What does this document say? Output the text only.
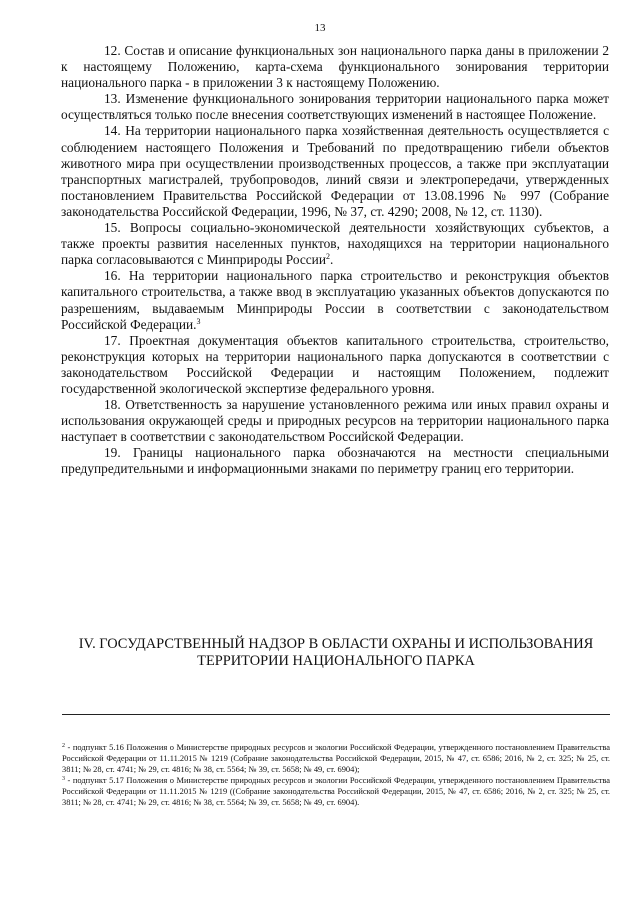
13

12. Состав и описание функциональных зон национального парка даны в приложении 2 к настоящему Положению, карта-схема функционального зонирования территории национального парка - в приложении 3 к настоящему Положению.

13. Изменение функционального зонирования территории национального парка может осуществляться только после внесения соответствующих изменений в настоящее Положение.

14. На территории национального парка хозяйственная деятельность осуществляется с соблюдением настоящего Положения и Требований по предотвращению гибели объектов животного мира при осуществлении производственных процессов, а также при эксплуатации транспортных магистралей, трубопроводов, линий связи и электропередачи, утвержденных постановлением Правительства Российской Федерации от 13.08.1996 № 997 (Собрание законодательства Российской Федерации, 1996, № 37, ст. 4290; 2008, № 12, ст. 1130).

15. Вопросы социально-экономической деятельности хозяйствующих субъектов, а также проекты развития населенных пунктов, находящихся на территории национального парка согласовываются с Минприроды России$^2$.

16. На территории национального парка строительство и реконструкция объектов капитального строительства, а также ввод в эксплуатацию указанных объектов допускаются по разрешениям, выдаваемым Минприроды России в соответствии с законодательством Российской Федерации.$^3$

17. Проектная документация объектов капитального строительства, строительство, реконструкция которых на территории национального парка допускаются в соответствии с законодательством Российской Федерации и настоящим Положением, подлежит государственной экологической экспертизе федерального уровня.

18. Ответственность за нарушение установленного режима или иных правил охраны и использования окружающей среды и природных ресурсов на территории национального парка наступает в соответствии с законодательством Российской Федерации.

19. Границы национального парка обозначаются на местности специальными предупредительными и информационными знаками по периметру границ его территории.

IV. ГОСУДАРСТВЕННЫЙ НАДЗОР В ОБЛАСТИ ОХРАНЫ И ИСПОЛЬЗОВАНИЯ ТЕРРИТОРИИ НАЦИОНАЛЬНОГО ПАРКА

$^2$ - подпункт 5.16 Положения о Министерстве природных ресурсов и экологии Российской Федерации, утвержденного постановлением Правительства Российской Федерации от 11.11.2015 № 1219 (Собрание законодательства Российской Федерации, 2015, № 47, ст. 6586; 2016, № 2, ст. 325; № 25, ст. 3811; № 28, ст. 4741; № 29, ст. 4816; № 38, ст. 5564; № 39, ст. 5658; № 49, ст. 6904);

$^3$ - подпункт 5.17 Положения о Министерстве природных ресурсов и экологии Российской Федерации, утвержденного постановлением Правительства Российской Федерации от 11.11.2015 № 1219 ((Собрание законодательства Российской Федерации, 2015, № 47, ст. 6586; 2016, № 2, ст. 325; № 25, ст. 3811; № 28, ст. 4741; № 29, ст. 4816; № 38, ст. 5564; № 39, ст. 5658; № 49, ст. 6904).
